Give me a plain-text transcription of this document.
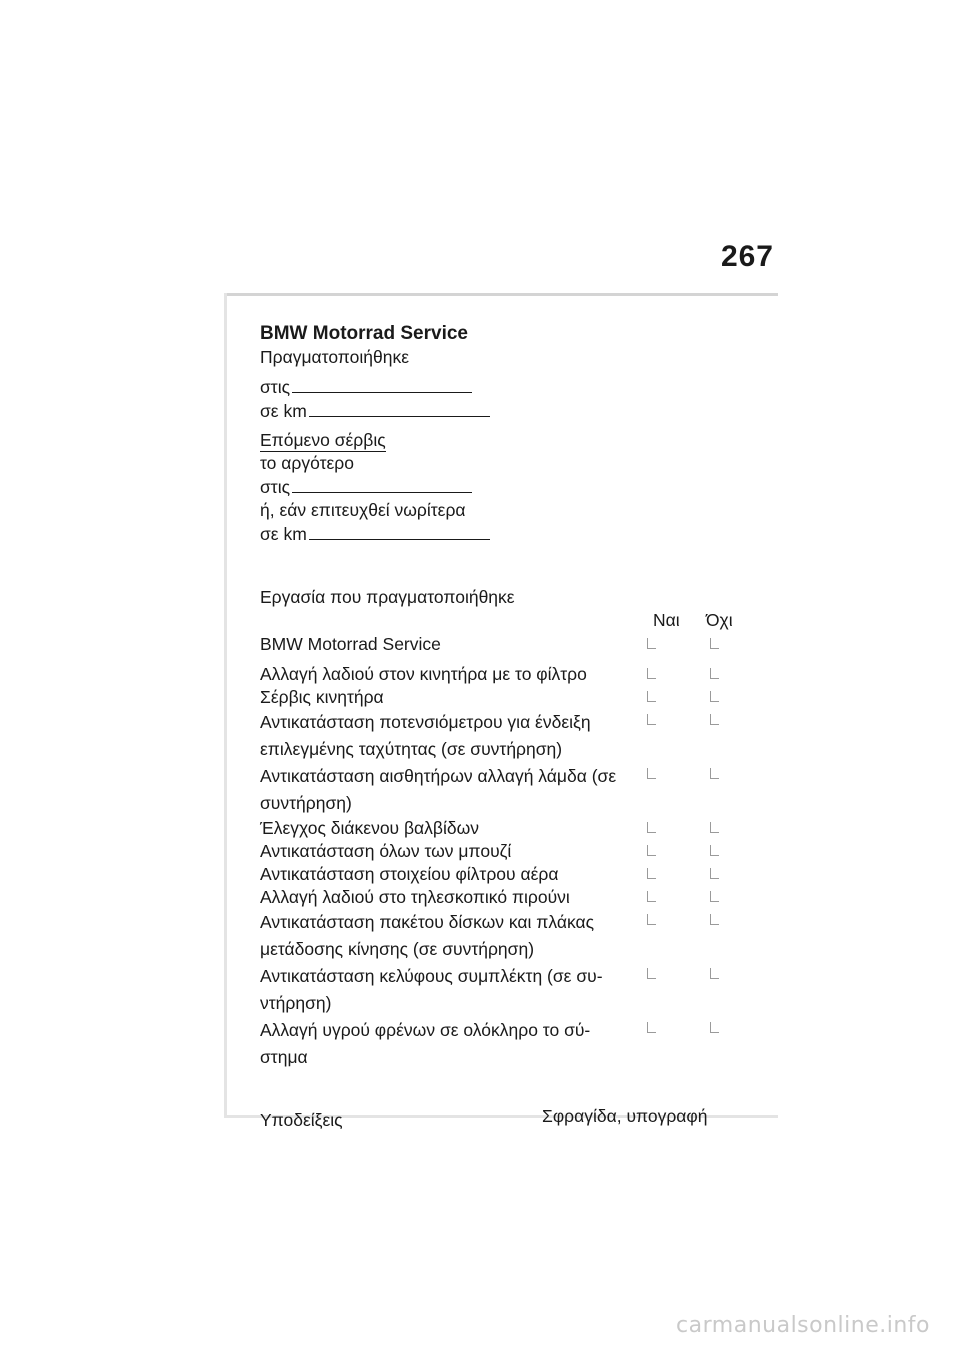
267
BMW Motorrad Service
Πραγματοποιήθηκε
στις
σε km
Επόμενο σέρβις
το αργότερο
στις
ή, εάν επιτευχθεί νωρίτερα
σε km
Εργασία που πραγματοποιήθηκε
Ναι Όχι
BMW Motorrad Service
Αλλαγή λαδιού στον κινητήρα με το φίλτρο
Σέρβις κινητήρα
Αντικατάσταση ποτενσιόμετρου για ένδειξη επιλεγμένης ταχύτητας (σε συντήρηση)
Αντικατάσταση αισθητήρων αλλαγή λάμδα (σε συντήρηση)
Έλεγχος διάκενου βαλβίδων
Αντικατάσταση όλων των μπουζί
Αντικατάσταση στοιχείου φίλτρου αέρα
Αλλαγή λαδιού στο τηλεσκοπικό πιρούνι
Αντικατάσταση πακέτου δίσκων και πλάκας μετάδοσης κίνησης (σε συντήρηση)
Αντικατάσταση κελύφους συμπλέκτη (σε συ-ντήρηση)
Αλλαγή υγρού φρένων σε ολόκληρο το σύ-στημα
Υποδείξεις	Σφραγίδα, υπογραφή
carmanualsonline.info
